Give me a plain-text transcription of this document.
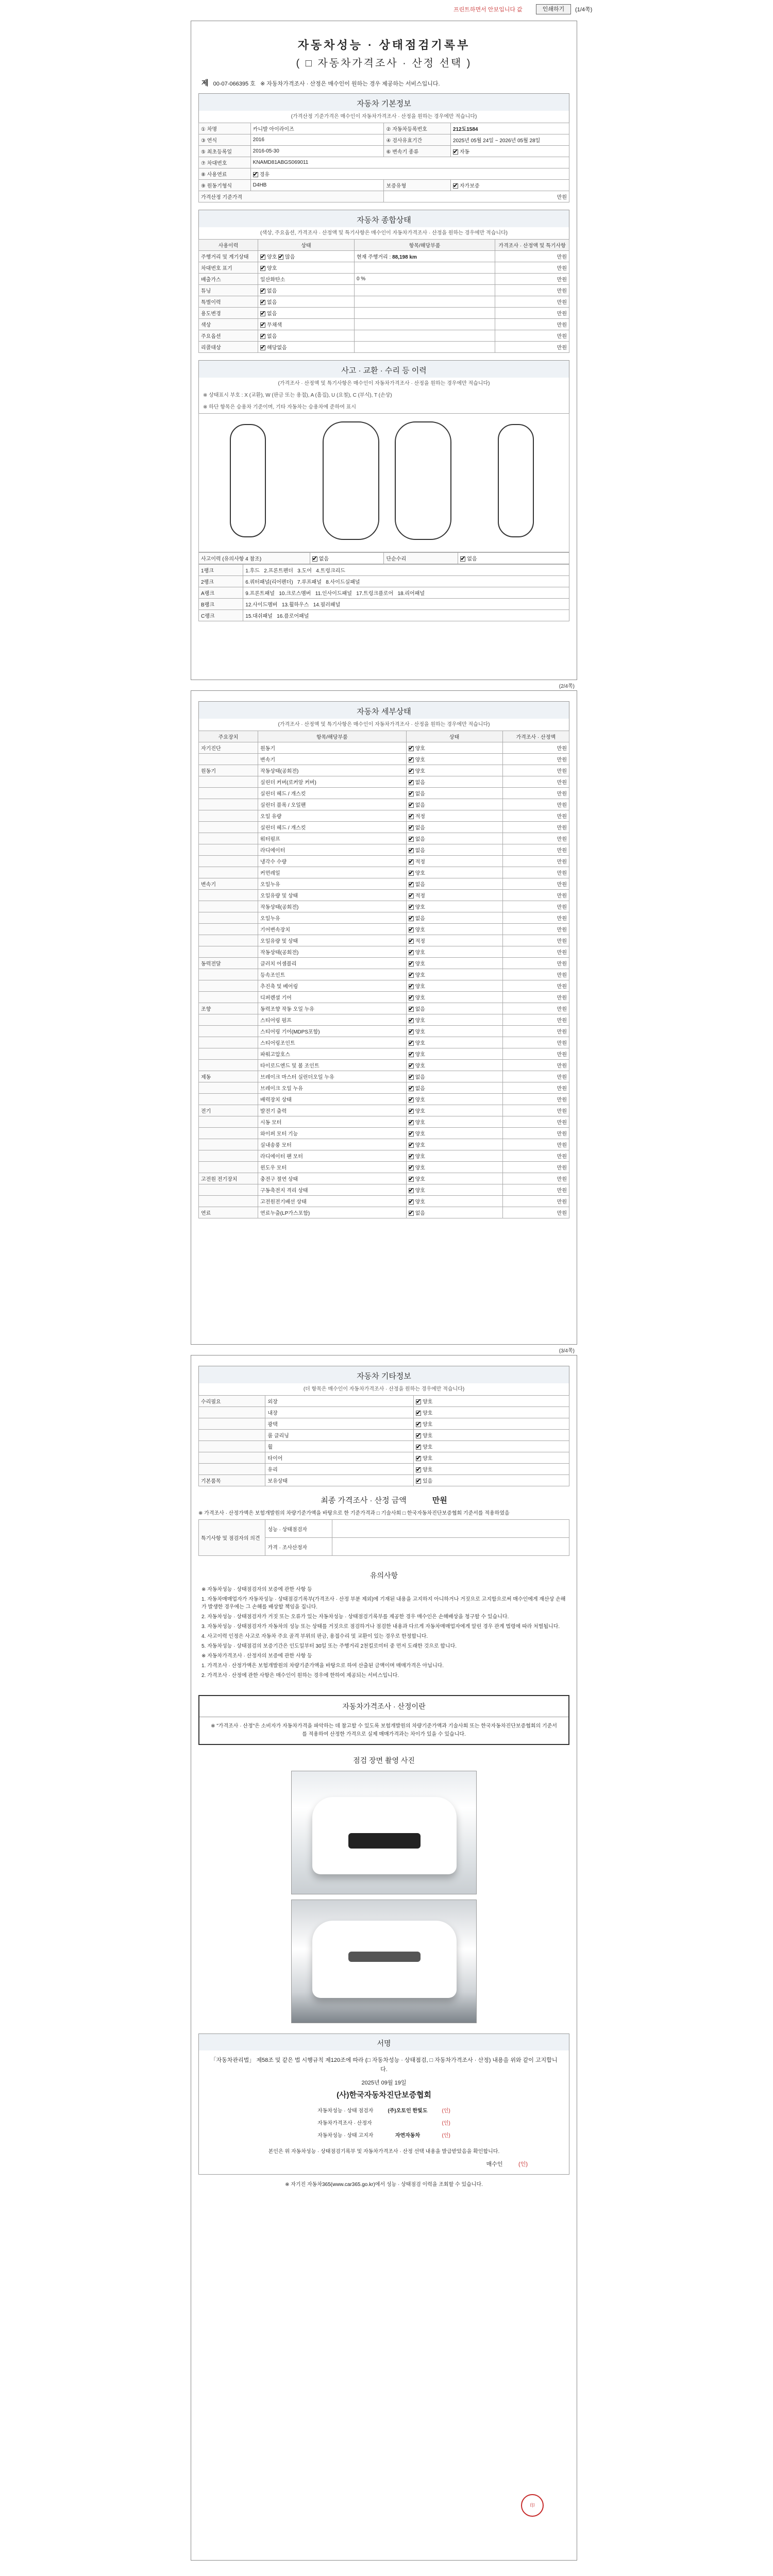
프린트하면서 안보입니다 값	인쇄하기	(1/4쪽)
자동차성능 · 상태점검기록부
( □ 자동차가격조사 · 산정 선택 )
제 00-07-066395 호 ※ 자동차가격조사 · 산정은 매수인이 원하는 경우 제공하는 서비스입니다.
자동차 기본정보
(가격산정 기준가격은 매수인이 자동차가격조사 · 산정을 원하는 경우에만 적습니다)
① 차명	카니발 아이라이즈	② 자동차등록번호	212도1584
③ 연식	2016	④ 검사유효기간	2025년 05월 24일 ~ 2026년 05월 28일
⑤ 최초등록일	2016-05-30	⑥ 변속기 종류	✔자동
⑦ 차대번호	KNAMD81ABGS069011		
⑧ 사용연료	✔경유
⑨ 원동기형식	D4HB	보증유형	✔자가보증
가격산정 기준가격		만원	
자동차 종합상태
(색상, 주요옵션, 가격조사 · 산정액 및 특기사항은 매수인이 자동차가격조사 · 산정을 원하는 경우에만 적습니다)
사용이력	상태	항목/해당부품	가격조사 · 산정액 및 특기사항
주행거리 및 계기상태	✔양호 ✔ 많음	현재 주행거리 : 88,198 km	만원
차대번호 표기	✔양호		만원
배출가스	일산화탄소	0 %	만원
튜닝	✔없음		만원
특별이력	✔없음		만원
용도변경	✔없음		만원
색상	✔무채색		만원
주요옵션	✔없음		만원
리콜대상	✔해당없음		만원
사고 · 교환 · 수리 등 이력
(가격조사 · 산정액 및 특기사항은 매수인이 자동차가격조사 · 산정을 원하는 경우에만 적습니다)
※ 상태표시 부호 : X (교환), W (판금 또는 용접), A (흠집), U (요철), C (부식), T (손상)
※ 하단 항목은 승용차 기준이며, 기타 자동차는 승용차에 준하여 표시
사고이력 (유의사항 4 참조)	✔없음	단순수리	✔없음
1랭크	1.후드 2.프론트펜더 3.도어 4.트렁크리드
2랭크	6.쿼터패널(리어펜더) 7.루프패널 8.사이드실패널
A랭크	9.프론트패널 10.크로스멤버 11.인사이드패널 17.트렁크플로어 18.리어패널
B랭크	12.사이드멤버 13.휠하우스 14.필러패널
C랭크	15.대쉬패널 16.플로어패널
(2/4쪽)
자동차 세부상태
(가격조사 · 산정액 및 특기사항은 매수인이 자동차가격조사 · 산정을 원하는 경우에만 적습니다)
주요장치	항목/해당부품	상태	가격조사 · 산정액
자기진단	원동기	✔양호	만원
	변속기	✔양호	만원
원동기	작동상태(공회전)	✔양호	만원
	실린더 커버(로커암 커버)	✔없음	만원
	실린더 헤드 / 개스킷	✔없음	만원
	실린더 블록 / 오일팬	✔없음	만원
	오일 유량	✔적정	만원
	실린더 헤드 / 개스킷	✔없음	만원
	워터펌프	✔없음	만원
	라디에이터	✔없음	만원
	냉각수 수량	✔적정	만원
	커먼레일	✔양호	만원
변속기	오일누유	✔없음	만원
	오일유량 및 상태	✔적정	만원
	작동상태(공회전)	✔양호	만원
	오일누유	✔없음	만원
	기어변속장치	✔양호	만원
	오일유량 및 상태	✔적정	만원
	작동상태(공회전)	✔양호	만원
동력전달	클러치 어셈블리	✔양호	만원
	등속조인트	✔양호	만원
	추진축 및 베어링	✔양호	만원
	디퍼렌셜 기어	✔양호	만원
조향	동력조향 작동 오일 누유	✔없음	만원
	스티어링 펌프	✔양호	만원
	스티어링 기어(MDPS포함)	✔양호	만원
	스티어링조인트	✔양호	만원
	파워고압호스	✔양호	만원
	타이로드엔드 및 볼 조인트	✔양호	만원
제동	브레이크 마스터 실린더오일 누유	✔없음	만원
	브레이크 오일 누유	✔없음	만원
	배력장치 상태	✔양호	만원
전기	발전기 출력	✔양호	만원
	시동 모터	✔양호	만원
	와이퍼 모터 기능	✔양호	만원
	실내송풍 모터	✔양호	만원
	라디에이터 팬 모터	✔양호	만원
	윈도우 모터	✔양호	만원
고전원 전기장치	충전구 절연 상태	✔양호	만원
	구동축전지 격리 상태	✔양호	만원
	고전원전기배선 상태	✔양호	만원
연료	연료누출(LP가스포함)	✔없음	만원
(3/4쪽)
자동차 기타정보
(더 항목은 매수인이 자동차가격조사 · 산정을 원하는 경우에만 적습니다)
수리필요	외장	✔양호
	내장	✔양호
	광택	✔양호
	룸 클리닝	✔양호
	휠	✔양호
	타이어	✔양호
	유리	✔양호
기본품목	보유상태	✔있음
최종 가격조사 · 산정 금액	만원
※ 가격조사 · 산정가액은 보험개발원의 차량기준가액을 바탕으로 한 기준가격과 □ 기술사회 □ 한국자동차진단보증협회 기준서를 적용하였음
특기사항 및 점검자의 의견	성능 · 상태점검자	
	가격 · 조사산정자	
유의사항
※ 자동차성능 · 상태점검자의 보증에 관한 사항 등
1. 자동차매매업자가 자동차성능 · 상태점검기록부(가격조사 · 산정 부분 제외)에 기재된 내용을 고지하지 아니하거나 거짓으로 고지함으로써 매수인에게 재산상 손해가 발생한 경우에는 그 손해를 배상할 책임을 집니다.
2. 자동차성능 · 상태점검자가 거짓 또는 오류가 있는 자동차성능 · 상태점검기록부를 제공한 경우 매수인은 손해배상을 청구할 수 있습니다.
3. 자동차성능 · 상태점검자가 자동차의 성능 또는 상태를 거짓으로 점검하거나 점검한 내용과 다르게 자동차매매업자에게 알린 경우 관계 법령에 따라 처벌됩니다.
4. 사고이력 인정은 사고로 자동차 주요 골격 부위의 판금, 용접수리 및 교환이 있는 경우로 한정합니다.
5. 자동차성능 · 상태점검의 보증기간은 인도일부터 30일 또는 주행거리 2천킬로미터 중 먼저 도래한 것으로 합니다.
※ 자동차가격조사 · 산정자의 보증에 관한 사항 등
1. 가격조사 · 산정가액은 보험개발원의 차량기준가액을 바탕으로 하여 산출된 금액이며 매매가격은 아닙니다.
2. 가격조사 · 산정에 관한 사항은 매수인이 원하는 경우에 한하여 제공되는 서비스입니다.
자동차가격조사 · 산정이란
※ "가격조사 · 산정"은 소비자가 자동차가격을 파악하는 데 참고할 수 있도록 보험개발원의 차량기준가액과 기술사회 또는 한국자동차진단보증협회의 기준서를 적용하여 산정한 가격으로 실제 매매가격과는 차이가 있을 수 있습니다.
점검 장면 촬영 사진
서명
「자동차관리법」 제58조 및 같은 법 시행규칙 제120조에 따라 (□ 자동차성능 · 상태점검, □ 자동차가격조사 · 산정) 내용을 위와 같이 고지합니다.
2025년 09월 19일
(사)한국자동차진단보증협회
자동차성능 · 상태 점검자	(주)오토인 한빛도	(인)
자동차가격조사 · 산정자		(인)
자동차성능 · 상태 고지자	자연자동차	(인)
본인은 위 자동차성능 · 상태점검기록부 및 자동차가격조사 · 산정 선택 내용을 발급받았음을 확인합니다.
매수인	(인)
印
※ 자기진 자동차365(www.car365.go.kr)에서 성능 · 상태점검 이력을 조회할 수 있습니다.
